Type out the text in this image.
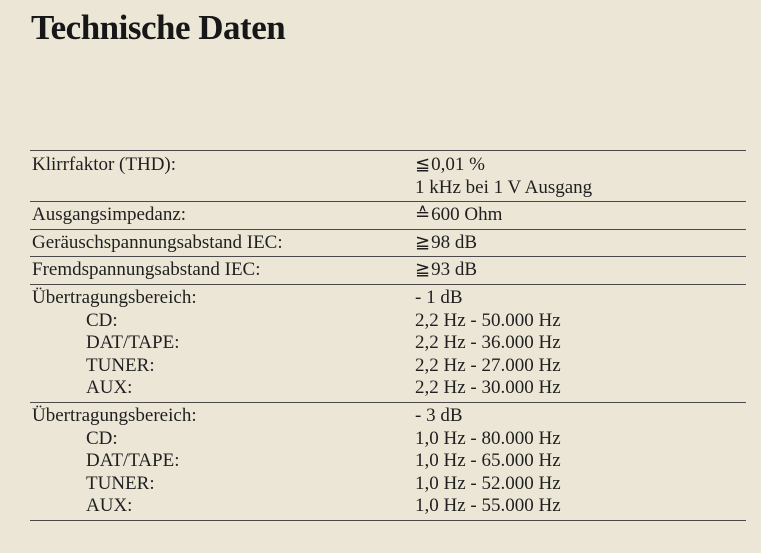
Technische Daten
Klirrfaktor (THD):	≦0,01 %
1 kHz bei 1 V Ausgang
Ausgangsimpedanz:	≙600 Ohm
Geräuschspannungsabstand IEC:	≧98 dB
Fremdspannungsabstand IEC:	≧93 dB
Übertragungsbereich:	- 1 dB
CD:	2,2 Hz - 50.000 Hz
DAT/TAPE:	2,2 Hz - 36.000 Hz
TUNER:	2,2 Hz - 27.000 Hz
AUX:	2,2 Hz - 30.000 Hz
Übertragungsbereich:	- 3 dB
CD:	1,0 Hz - 80.000 Hz
DAT/TAPE:	1,0 Hz - 65.000 Hz
TUNER:	1,0 Hz - 52.000 Hz
AUX:	1,0 Hz - 55.000 Hz
